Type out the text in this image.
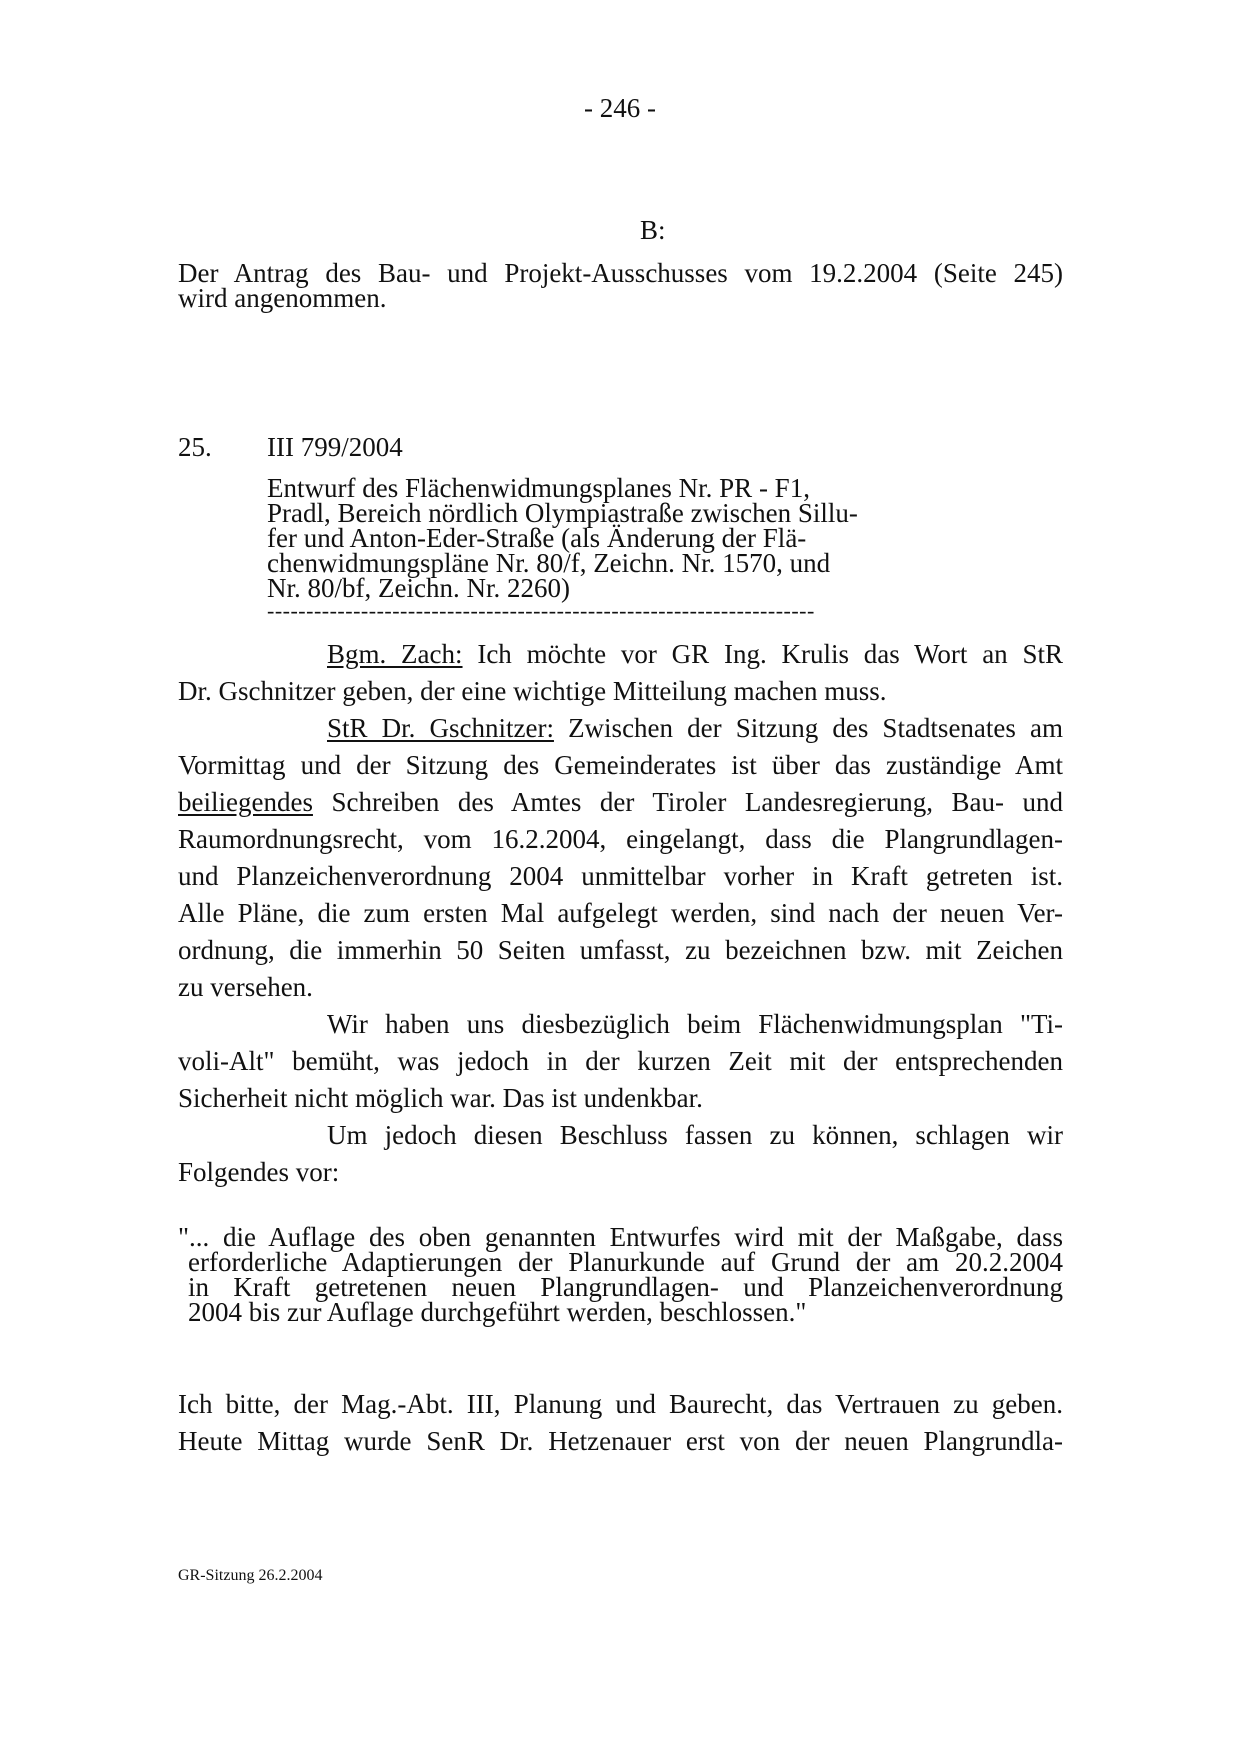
- 246 -
B:
Der Antrag des Bau- und Projekt-Ausschusses vom 19.2.2004 (Seite 245)
wird angenommen.
25. III 799/2004
Entwurf des Flächenwidmungsplanes Nr. PR - F1,
Pradl, Bereich nördlich Olympiastraße zwischen Sillu-
fer und Anton-Eder-Straße (als Änderung der Flä-
chenwidmungspläne Nr. 80/f, Zeichn. Nr. 1570, und
Nr. 80/bf, Zeichn. Nr. 2260)
----------------------------------------------------------------------
Bgm. Zach: Ich möchte vor GR Ing. Krulis das Wort an StR
Dr. Gschnitzer geben, der eine wichtige Mitteilung machen muss.
StR Dr. Gschnitzer: Zwischen der Sitzung des Stadtsenates am
Vormittag und der Sitzung des Gemeinderates ist über das zuständige Amt
beiliegendes Schreiben des Amtes der Tiroler Landesregierung, Bau- und
Raumordnungsrecht, vom 16.2.2004, eingelangt, dass die Plangrundlagen-
und Planzeichenverordnung 2004 unmittelbar vorher in Kraft getreten ist.
Alle Pläne, die zum ersten Mal aufgelegt werden, sind nach der neuen Ver-
ordnung, die immerhin 50 Seiten umfasst, zu bezeichnen bzw. mit Zeichen
zu versehen.
Wir haben uns diesbezüglich beim Flächenwidmungsplan "Ti-
voli-Alt" bemüht, was jedoch in der kurzen Zeit mit der entsprechenden
Sicherheit nicht möglich war. Das ist undenkbar.
Um jedoch diesen Beschluss fassen zu können, schlagen wir
Folgendes vor:
"... die Auflage des oben genannten Entwurfes wird mit der Maßgabe, dass
erforderliche Adaptierungen der Planurkunde auf Grund der am 20.2.2004
in Kraft getretenen neuen Plangrundlagen- und Planzeichenverordnung
2004 bis zur Auflage durchgeführt werden, beschlossen."
Ich bitte, der Mag.-Abt. III, Planung und Baurecht, das Vertrauen zu geben.
Heute Mittag wurde SenR Dr. Hetzenauer erst von der neuen Plangrundla-
GR-Sitzung 26.2.2004
